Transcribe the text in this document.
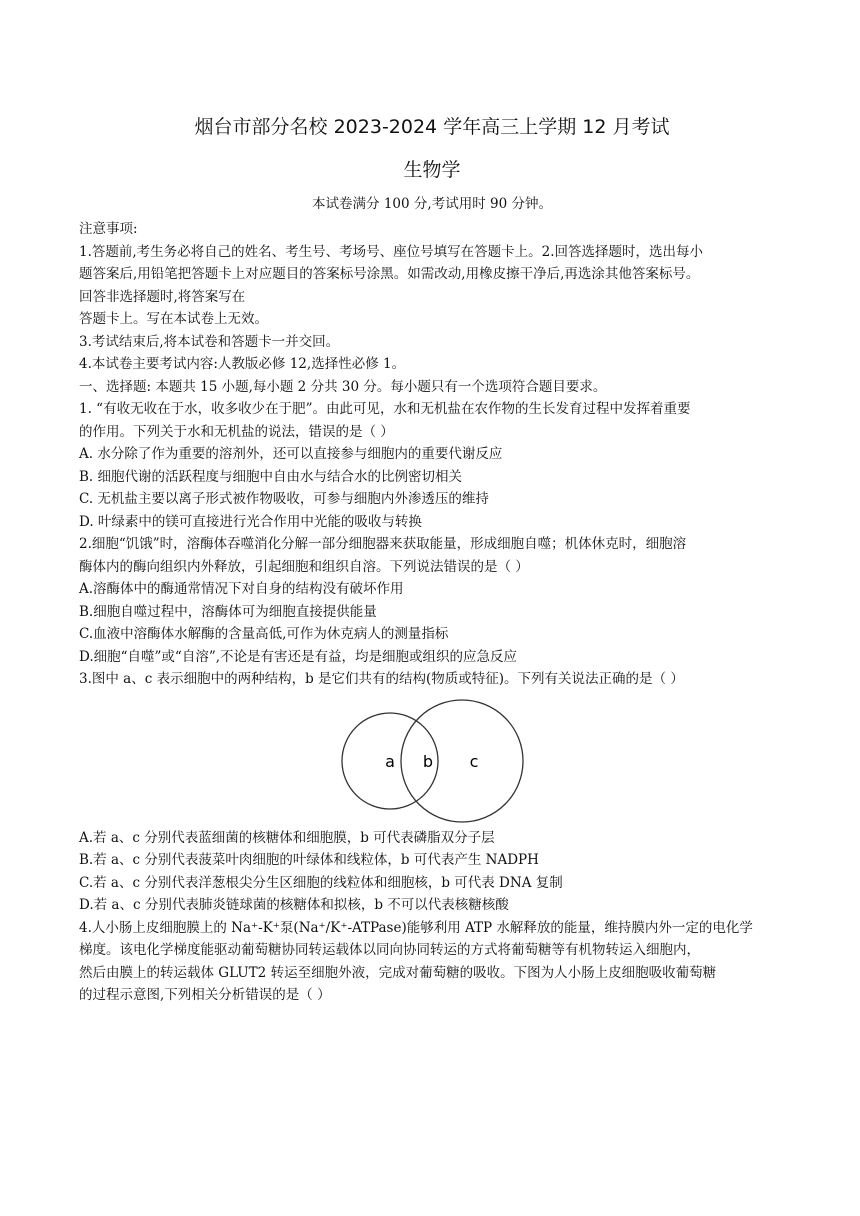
烟台市部分名校 2023-2024 学年高三上学期 12 月考试

生物学

本试卷满分 100 分,考试用时 90 分钟。

注意事项:

1.答题前,考生务必将自己的姓名、考生号、考场号、座位号填写在答题卡上。2.回答选择题时，选出每小

题答案后,用铅笔把答题卡上对应题目的答案标号涂黑。如需改动,用橡皮擦干净后,再选涂其他答案标号。

回答非选择题时,将答案写在

答题卡上。写在本试卷上无效。

3.考试结束后,将本试卷和答题卡一并交回。

4.本试卷主要考试内容:人教版必修 12,选择性必修 1。

一、选择题: 本题共 15 小题,每小题 2 分共 30 分。每小题只有一个选项符合题目要求。

1. “有收无收在于水，收多收少在于肥”。由此可见，水和无机盐在农作物的生长发育过程中发挥着重要

的作用。下列关于水和无机盐的说法，错误的是（ ）

A. 水分除了作为重要的溶剂外，还可以直接参与细胞内的重要代谢反应

B. 细胞代谢的活跃程度与细胞中自由水与结合水的比例密切相关

C. 无机盐主要以离子形式被作物吸收，可参与细胞内外渗透压的维持

D. 叶绿素中的镁可直接进行光合作用中光能的吸收与转换

2.细胞“饥饿”时，溶酶体吞噬消化分解一部分细胞器来获取能量，形成细胞自噬；机体休克时，细胞溶

酶体内的酶向组织内外释放，引起细胞和组织自溶。下列说法错误的是（ ）

A.溶酶体中的酶通常情况下对自身的结构没有破坏作用

B.细胞自噬过程中，溶酶体可为细胞直接提供能量

C.血液中溶酶体水解酶的含量高低,可作为休克病人的测量指标

D.细胞“自噬”或“自溶”,不论是有害还是有益，均是细胞或组织的应急反应

3.图中 a、c 表示细胞中的两种结构，b 是它们共有的结构(物质或特征)。下列有关说法正确的是（ ）

a b c

A.若 a、c 分别代表蓝细菌的核糖体和细胞膜，b 可代表磷脂双分子层

B.若 a、c 分别代表菠菜叶肉细胞的叶绿体和线粒体，b 可代表产生 NADPH

C.若 a、c 分别代表洋葱根尖分生区细胞的线粒体和细胞核，b 可代表 DNA 复制

D.若 a、c 分别代表肺炎链球菌的核糖体和拟核，b 不可以代表核糖核酸

4.人小肠上皮细胞膜上的 Na⁺-K⁺泵(Na⁺/K⁺-ATPase)能够利用 ATP 水解释放的能量，维持膜内外一定的电化学

梯度。该电化学梯度能驱动葡萄糖协同转运载体以同向协同转运的方式将葡萄糖等有机物转运入细胞内，

然后由膜上的转运载体 GLUT2 转运至细胞外液，完成对葡萄糖的吸收。下图为人小肠上皮细胞吸收葡萄糖

的过程示意图,下列相关分析错误的是（ ）
